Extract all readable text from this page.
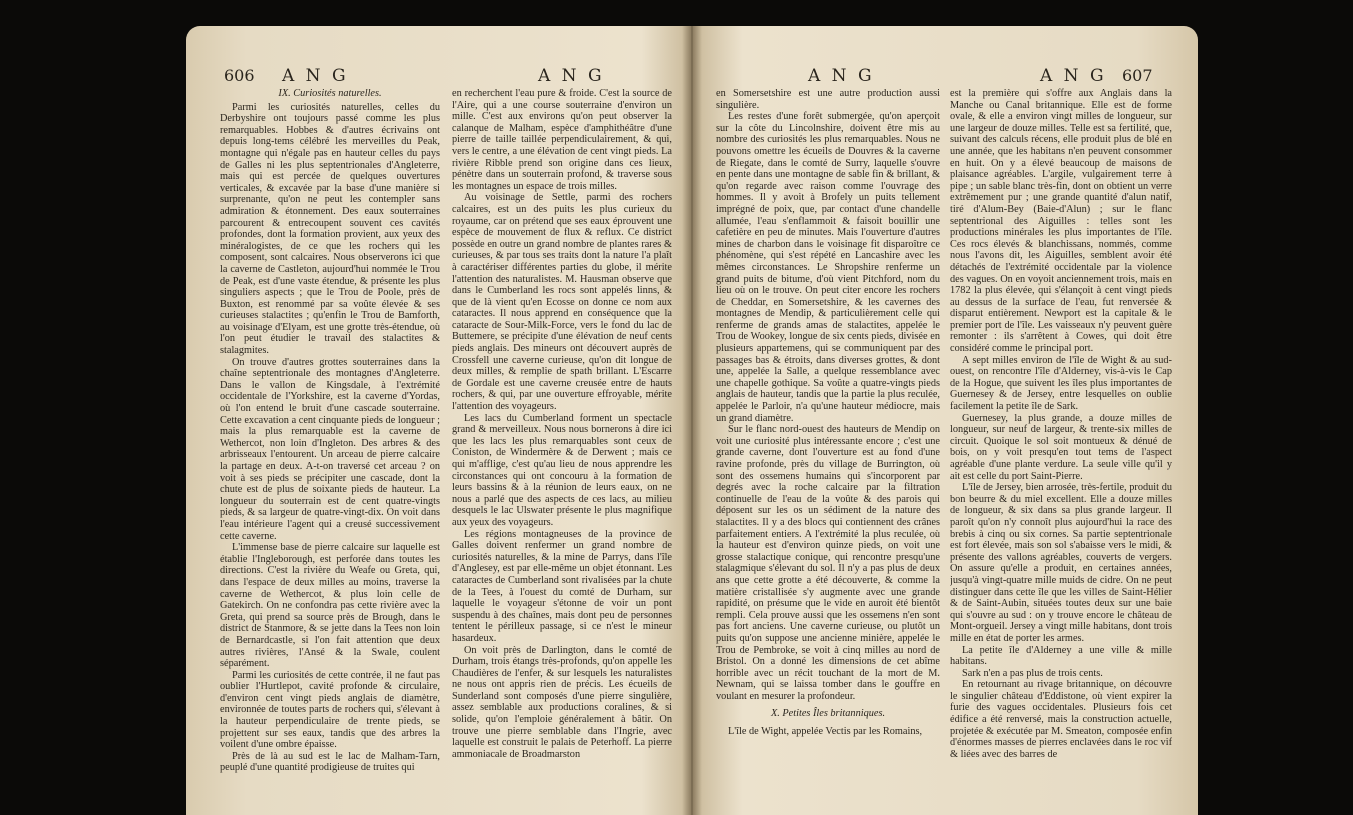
606 A N G	A N G

IX. Curiosités naturelles.

Parmi les curiosités naturelles, celles du Derbyshire ont toujours passé comme les plus remarquables. Hobbes & d'autres écrivains ont depuis long-tems célébré les merveilles du Peak, montagne qui n'égale pas en hauteur celles du pays de Galles ni les plus septentrionales d'Angleterre, mais qui est percée de quelques ouvertures verticales, & excavée par la base d'une manière si surprenante, qu'on ne peut les contempler sans admiration & étonnement. Des eaux souterraines parcourent & entrecoupent souvent ces cavités profondes, dont la formation provient, aux yeux des minéralogistes, de ce que les rochers qui les composent, sont calcaires. Nous observerons ici que la caverne de Castleton, aujourd'hui nommée le Trou de Peak, est d'une vaste étendue, & présente les plus singuliers aspects ; que le Trou de Poole, près de Buxton, est renommé par sa voûte élevée & ses curieuses stalactites ; qu'enfin le Trou de Bamforth, au voisinage d'Elyam, est une grotte très-étendue, où l'on peut étudier le travail des stalactites & stalagmites.

On trouve d'autres grottes souterraines dans la chaîne septentrionale des montagnes d'Angleterre. Dans le vallon de Kingsdale, à l'extrémité occidentale de l'Yorkshire, est la caverne d'Yordas, où l'on entend le bruit d'une cascade souterraine. Cette excavation a cent cinquante pieds de longueur ; mais la plus remarquable est la caverne de Wethercot, non loin d'Ingleton. Des arbres & des arbrisseaux l'entourent. Un arceau de pierre calcaire la partage en deux. A-t-on traversé cet arceau ? on voit à ses pieds se précipiter une cascade, dont la chute est de plus de soixante pieds de hauteur. La longueur du souterrain est de cent quatre-vingts pieds, & sa largeur de quatre-vingt-dix. On voit dans l'eau intérieure l'agent qui a creusé successivement cette caverne.

L'immense base de pierre calcaire sur laquelle est établie l'Ingleborough, est perforée dans toutes les directions. C'est la rivière du Weafe ou Greta, qui, dans l'espace de deux milles au moins, traverse la caverne de Wethercot, & plus loin celle de Gatekirch. On ne confondra pas cette rivière avec la Greta, qui prend sa source près de Brough, dans le district de Stanmore, & se jette dans la Tees non loin de Bernardcastle, si l'on fait attention que deux autres rivières, l'Ansé & la Swale, coulent séparément.

Parmi les curiosités de cette contrée, il ne faut pas oublier l'Hurtlepot, cavité profonde & circulaire, d'environ cent vingt pieds anglais de diamètre, environnée de toutes parts de rochers qui, s'élevant à la hauteur perpendiculaire de trente pieds, se projettent sur ses eaux, tandis que des arbres la voilent d'une ombre épaisse.

Près de là au sud est le lac de Malham-Tarn, peuplé d'une quantité prodigieuse de truites qui

en recherchent l'eau pure & froide. C'est la source de l'Aire, qui a une course souterraine d'environ un mille. C'est aux environs qu'on peut observer la calanque de Malham, espèce d'amphithéâtre d'une pierre de taille taillée perpendiculairement, & qui, vers le centre, a une élévation de cent vingt pieds. La rivière Ribble prend son origine dans ces lieux, pénètre dans un souterrain profond, & traverse sous les montagnes un espace de trois milles.

Au voisinage de Settle, parmi des rochers calcaires, est un des puits les plus curieux du royaume, car on prétend que ses eaux éprouvent une espèce de mouvement de flux & reflux. Ce district possède en outre un grand nombre de plantes rares & curieuses, & par tous ses traits dont la nature l'a plaît à caractériser différentes parties du globe, il mérite l'attention des naturalistes. M. Hausman observe que dans le Cumberland les rocs sont appelés linns, & que de là vient qu'en Ecosse on donne ce nom aux cataractes. Il nous apprend en conséquence que la cataracte de Sour-Milk-Force, vers le fond du lac de Buttemere, se précipite d'une élévation de neuf cents pieds anglais. Des mineurs ont découvert auprès de Crossfell une caverne curieuse, qu'on dit longue de deux milles, & remplie de spath brillant. L'Escarre de Gordale est une caverne creusée entre de hauts rochers, & qui, par une ouverture effroyable, mérite l'attention des voyageurs.

Les lacs du Cumberland forment un spectacle grand & merveilleux. Nous nous bornerons à dire ici que les lacs les plus remarquables sont ceux de Coniston, de Windermère & de Derwent ; mais ce qui m'afflige, c'est qu'au lieu de nous apprendre les circonstances qui ont concouru à la formation de leurs bassins & à la réunion de leurs eaux, on ne nous a parlé que des aspects de ces lacs, au milieu desquels le lac Ulswater présente le plus magnifique aux yeux des voyageurs.

Les régions montagneuses de la province de Galles doivent renfermer un grand nombre de curiosités naturelles, & la mine de Parrys, dans l'île d'Anglesey, est par elle-même un objet étonnant. Les cataractes de Cumberland sont rivalisées par la chute de la Tees, à l'ouest du comté de Durham, sur laquelle le voyageur s'étonne de voir un pont suspendu à des chaînes, mais dont peu de personnes tentent le périlleux passage, si ce n'est le mineur hasardeux.

On voit près de Darlington, dans le comté de Durham, trois étangs très-profonds, qu'on appelle les Chaudières de l'enfer, & sur lesquels les naturalistes ne nous ont appris rien de précis. Les écueils de Sunderland sont composés d'une pierre singulière, assez semblable aux productions coralines, & si solide, qu'on l'emploie généralement à bâtir. On trouve une pierre semblable dans l'Ingrie, avec laquelle est construit le palais de Peterhoff. La pierre ammoniacale de Broadmarston

A N G	A N G 607

en Somersetshire est une autre production aussi singulière.

Les restes d'une forêt submergée, qu'on aperçoit sur la côte du Lincolnshire, doivent être mis au nombre des curiosités les plus remarquables. Nous ne pouvons omettre les écueils de Douvres & la caverne de Riegate, dans le comté de Surry, laquelle s'ouvre en pente dans une montagne de sable fin & brillant, & qu'on regarde avec raison comme l'ouvrage des hommes. Il y avoit à Brofely un puits tellement imprégné de poix, que, par contact d'une chandelle allumée, l'eau s'enflammoit & faisoit bouillir une cafetière en peu de minutes. Mais l'ouverture d'autres mines de charbon dans le voisinage fit disparoître ce phénomène, qui s'est répété en Lancashire avec les mêmes circonstances. Le Shropshire renferme un grand puits de bitume, d'où vient Pitchford, nom du lieu où on le trouve. On peut citer encore les rochers de Cheddar, en Somersetshire, & les cavernes des montagnes de Mendip, & particulièrement celle qui renferme de grands amas de stalactites, appelée le Trou de Wookey, longue de six cents pieds, divisée en plusieurs appartemens, qui se communiquent par des passages bas & étroits, dans diverses grottes, & dont une, appelée la Salle, a quelque ressemblance avec une chapelle gothique. Sa voûte a quatre-vingts pieds anglais de hauteur, tandis que la partie la plus reculée, appelée le Parloir, n'a qu'une hauteur médiocre, mais un grand diamètre.

Sur le flanc nord-ouest des hauteurs de Mendip on voit une curiosité plus intéressante encore ; c'est une grande caverne, dont l'ouverture est au fond d'une ravine profonde, près du village de Burrington, où sont des ossemens humains qui s'incorporent par degrés avec la roche calcaire par la filtration continuelle de l'eau de la voûte & des parois qui déposent sur les os un sédiment de la nature des stalactites. Il y a des blocs qui contiennent des crânes parfaitement entiers. A l'extrémité la plus reculée, où la hauteur est d'environ quinze pieds, on voit une grosse stalactique conique, qui rencontre presqu'une stalagmique s'élevant du sol. Il n'y a pas plus de deux ans que cette grotte a été découverte, & comme la matière cristallisée s'y augmente avec une grande rapidité, on présume que le vide en auroit été bientôt rempli. Cela prouve aussi que les ossemens n'en sont pas fort anciens. Une caverne curieuse, ou plutôt un puits qu'on suppose une ancienne minière, appelée le Trou de Pembroke, se voit à cinq milles au nord de Bristol. On a donné les dimensions de cet abîme horrible avec un récit touchant de la mort de M. Newnam, qui se laissa tomber dans le gouffre en voulant en mesurer la profondeur.

X. Petites Îles britanniques.

L'île de Wight, appelée Vectis par les Romains,

est la première qui s'offre aux Anglais dans la Manche ou Canal britannique. Elle est de forme ovale, & elle a environ vingt milles de longueur, sur une largeur de douze milles. Telle est sa fertilité, que, suivant des calculs récens, elle produit plus de blé en une année, que les habitans n'en peuvent consommer en huit. On y a élevé beaucoup de maisons de plaisance agréables. L'argile, vulgairement terre à pipe ; un sable blanc très-fin, dont on obtient un verre extrêmement pur ; une grande quantité d'alun natif, tiré d'Alum-Bey (Baie-d'Alun) ; sur le flanc septentrional des Aiguilles : telles sont les productions minérales les plus importantes de l'île. Ces rocs élevés & blanchissans, nommés, comme nous l'avons dit, les Aiguilles, semblent avoir été détachés de l'extrémité occidentale par la violence des vagues. On en voyoit anciennement trois, mais en 1782 la plus élevée, qui s'élançoit à cent vingt pieds au dessus de la surface de l'eau, fut renversée & disparut entièrement. Newport est la capitale & le premier port de l'île. Les vaisseaux n'y peuvent guère remonter : ils s'arrêtent à Cowes, qui doit être considéré comme le principal port.

A sept milles environ de l'île de Wight & au sud-ouest, on rencontre l'île d'Alderney, vis-à-vis le Cap de la Hogue, que suivent les îles plus importantes de Guernesey & de Jersey, entre lesquelles on oublie facilement la petite île de Sark.

Guernesey, la plus grande, a douze milles de longueur, sur neuf de largeur, & trente-six milles de circuit. Quoique le sol soit montueux & dénué de bois, on y voit presqu'en tout tems de l'aspect agréable d'une plante verdure. La seule ville qu'il y ait est celle du port Saint-Pierre.

L'île de Jersey, bien arrosée, très-fertile, produit du bon beurre & du miel excellent. Elle a douze milles de longueur, & six dans sa plus grande largeur. Il paroît qu'on n'y connoît plus aujourd'hui la race des brebis à cinq ou six cornes. Sa partie septentrionale est fort élevée, mais son sol s'abaisse vers le midi, & présente des vallons agréables, couverts de vergers. On assure qu'elle a produit, en certaines années, jusqu'à vingt-quatre mille muids de cidre. On ne peut distinguer dans cette île que les villes de Saint-Hélier & de Saint-Aubin, situées toutes deux sur une baie qui s'ouvre au sud : on y trouve encore le château de Mont-orgueil. Jersey a vingt mille habitans, dont trois mille en état de porter les armes.

La petite île d'Alderney a une ville & mille habitans.

Sark n'en a pas plus de trois cents.

En retournant au rivage britannique, on découvre le singulier château d'Eddistone, où vient expirer la furie des vagues occidentales. Plusieurs fois cet édifice a été renversé, mais la construction actuelle, projetée & exécutée par M. Smeaton, composée enfin d'énormes masses de pierres enclavées dans le roc vif & liées avec des barres de
